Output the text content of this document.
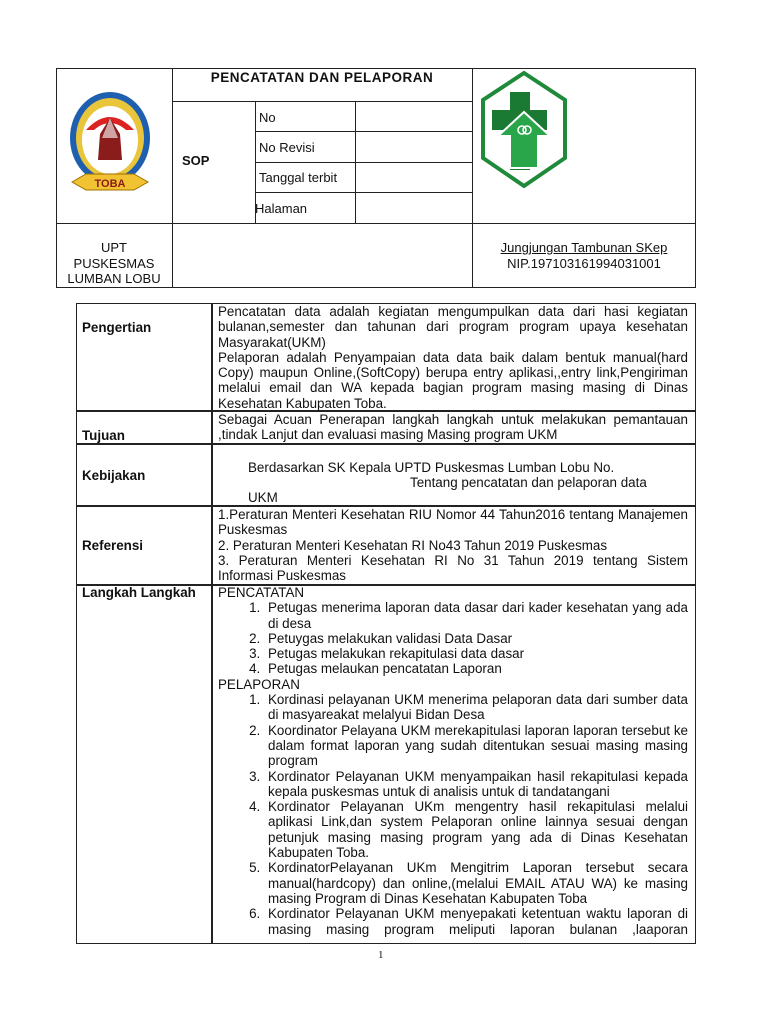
TOBA
PENCATATAN DAN PELAPORAN
SOP
No
No Revisi
Tanggal terbit
Halaman
UPT
PUSKESMAS
LUMBAN LOBU
Jungjungan Tambunan SKep
NIP.197103161994031001
Pengertian
Pencatatan data adalah kegiatan mengumpulkan data dari hasi kegiatan bulanan,semester dan tahunan dari program program upaya kesehatan Masyarakat(UKM)
Pelaporan adalah Penyampaian data data baik dalam bentuk manual(hard Copy) maupun Online,(SoftCopy) berupa entry aplikasi,,entry link,Pengiriman melalui email dan WA kepada bagian program masing masing di Dinas Kesehatan Kabupaten Toba.
Tujuan
Sebagai Acuan Penerapan langkah langkah untuk melakukan pemantauan ,tindak Lanjut dan evaluasi masing Masing program UKM
Kebijakan
Berdasarkan SK Kepala UPTD Puskesmas Lumban Lobu No.
Tentang pencatatan dan pelaporan data
UKM
Referensi
1.Peraturan Menteri Kesehatan RIU Nomor 44 Tahun2016 tentang Manajemen Puskesmas
2. Peraturan Menteri Kesehatan RI No43 Tahun 2019 Puskesmas
3. Peraturan Menteri Kesehatan RI No 31 Tahun 2019 tentang Sistem Informasi Puskesmas
Langkah Langkah PENCATATAN
1. Petugas menerima laporan data dasar dari kader kesehatan yang ada di desa
2. Petuygas melakukan validasi Data Dasar
3. Petugas melakukan rekapitulasi data dasar
4. Petugas melaukan pencatatan Laporan
PELAPORAN
1. Kordinasi pelayanan UKM menerima pelaporan data dari sumber data di masyareakat melalyui Bidan Desa
2. Koordinator Pelayana UKM merekapitulasi laporan laporan tersebut ke dalam format laporan yang sudah ditentukan sesuai masing masing program
3. Kordinator Pelayanan UKM menyampaikan hasil rekapitulasi kepada kepala puskesmas untuk di analisis untuk di tandatangani
4. Kordinator Pelayanan UKm mengentry hasil rekapitulasi melalui aplikasi Link,dan system Pelaporan online lainnya sesuai dengan petunjuk masing masing program yang ada di Dinas Kesehatan Kabupaten Toba.
5. KordinatorPelayanan UKm Mengitrim Laporan tersebut secara manual(hardcopy) dan online,(melalui EMAIL ATAU WA) ke masing masing Program di Dinas Kesehatan Kabupaten Toba
6. Kordinator Pelayanan UKM menyepakati ketentuan waktu laporan di masing masing program meliputi laporan bulanan ,laaporan
1
